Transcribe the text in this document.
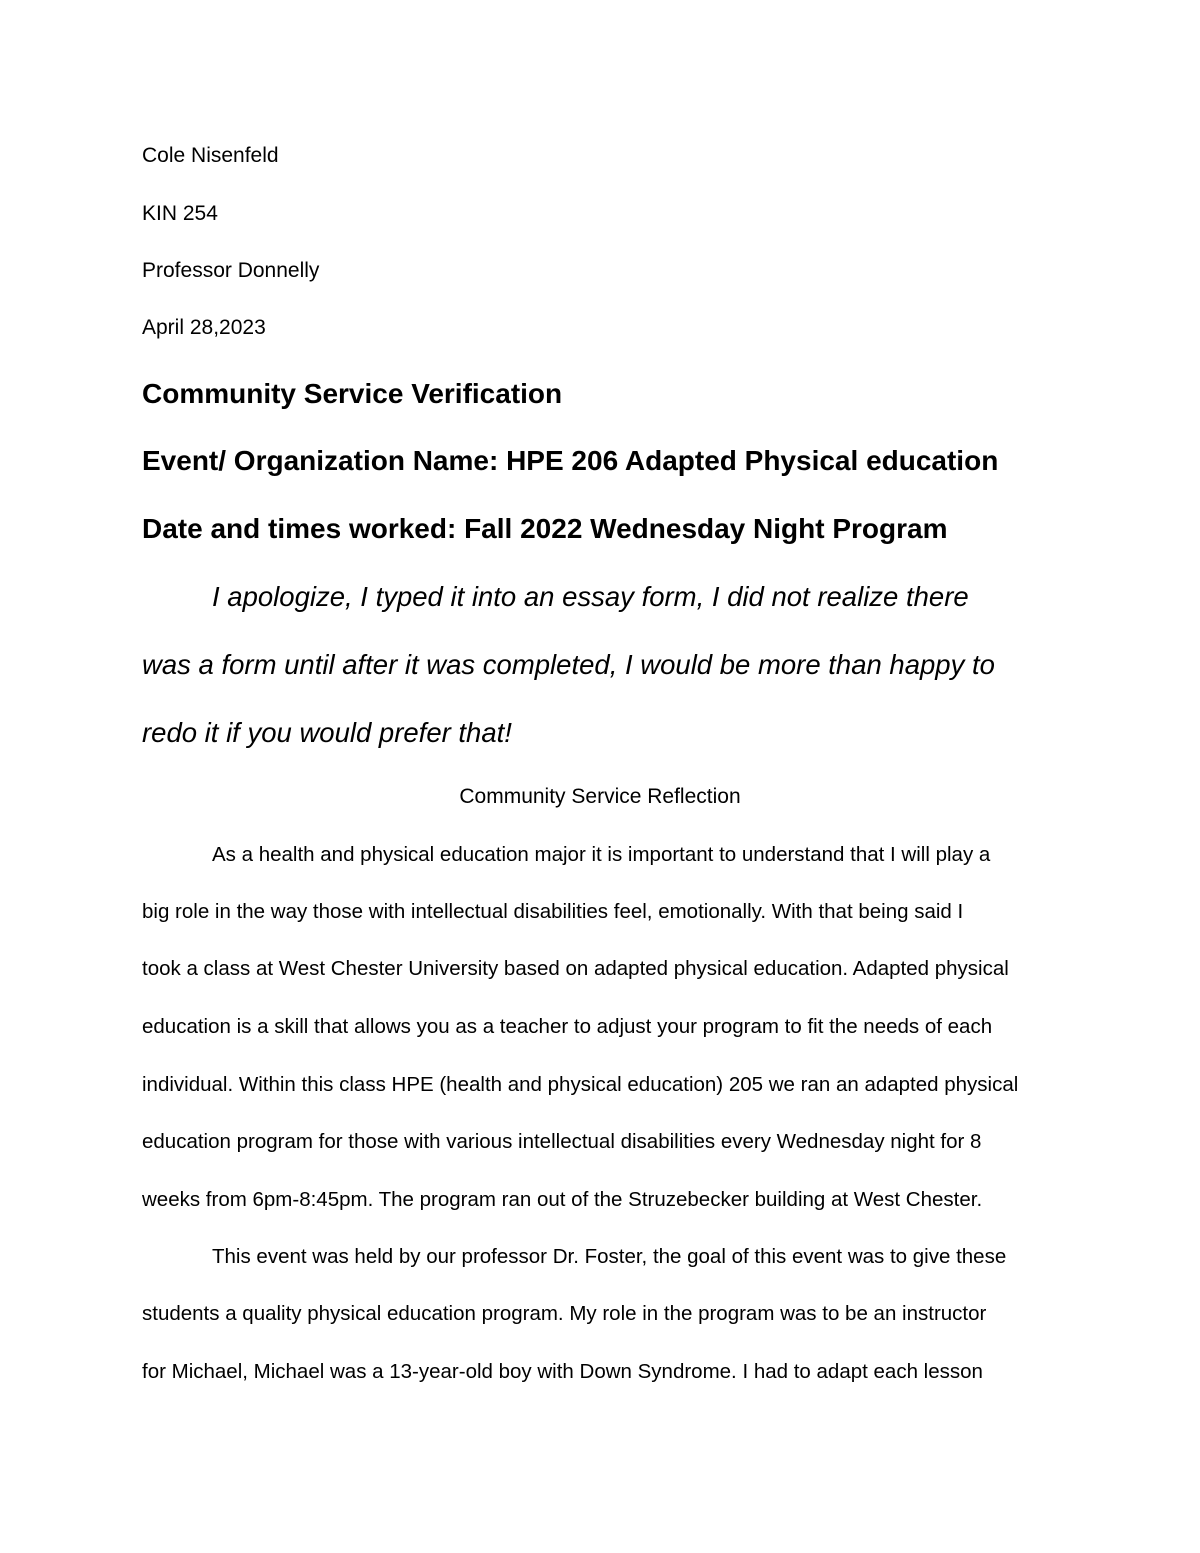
Cole Nisenfeld
KIN 254
Professor Donnelly
April 28,2023
Community Service Verification
Event/ Organization Name: HPE 206 Adapted Physical education
Date and times worked: Fall 2022 Wednesday Night Program
I apologize, I typed it into an essay form, I did not realize there
was a form until after it was completed, I would be more than happy to
redo it if you would prefer that!
Community Service Reflection
As a health and physical education major it is important to understand that I will play a
big role in the way those with intellectual disabilities feel, emotionally. With that being said I
took a class at West Chester University based on adapted physical education. Adapted physical
education is a skill that allows you as a teacher to adjust your program to fit the needs of each
individual. Within this class HPE (health and physical education) 205 we ran an adapted physical
education program for those with various intellectual disabilities every Wednesday night for 8
weeks from 6pm-8:45pm. The program ran out of the Struzebecker building at West Chester.
This event was held by our professor Dr. Foster, the goal of this event was to give these
students a quality physical education program. My role in the program was to be an instructor
for Michael, Michael was a 13-year-old boy with Down Syndrome. I had to adapt each lesson
